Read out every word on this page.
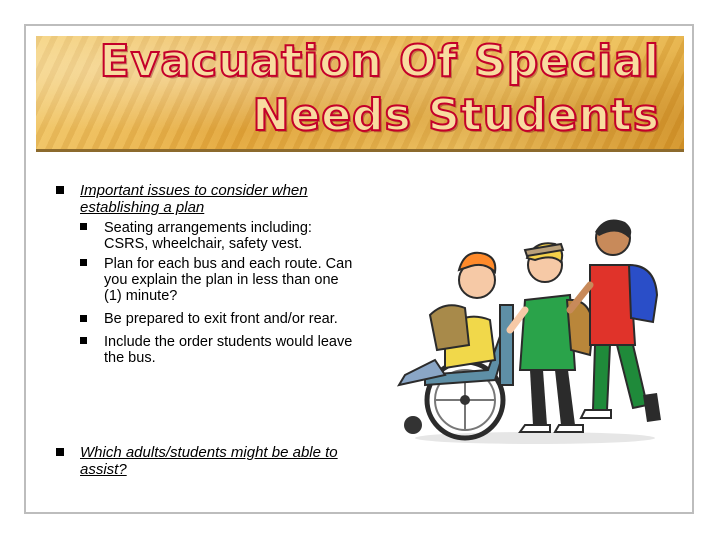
Evacuation Of Special
Needs Students
Important issues to consider when establishing a plan
Seating arrangements including: CSRS, wheelchair, safety vest.
Plan for each bus and each route. Can you explain the plan in less than one (1) minute?
Be prepared to exit front and/or rear.
Include the order students would leave the bus.
Which adults/students might be able to assist?
